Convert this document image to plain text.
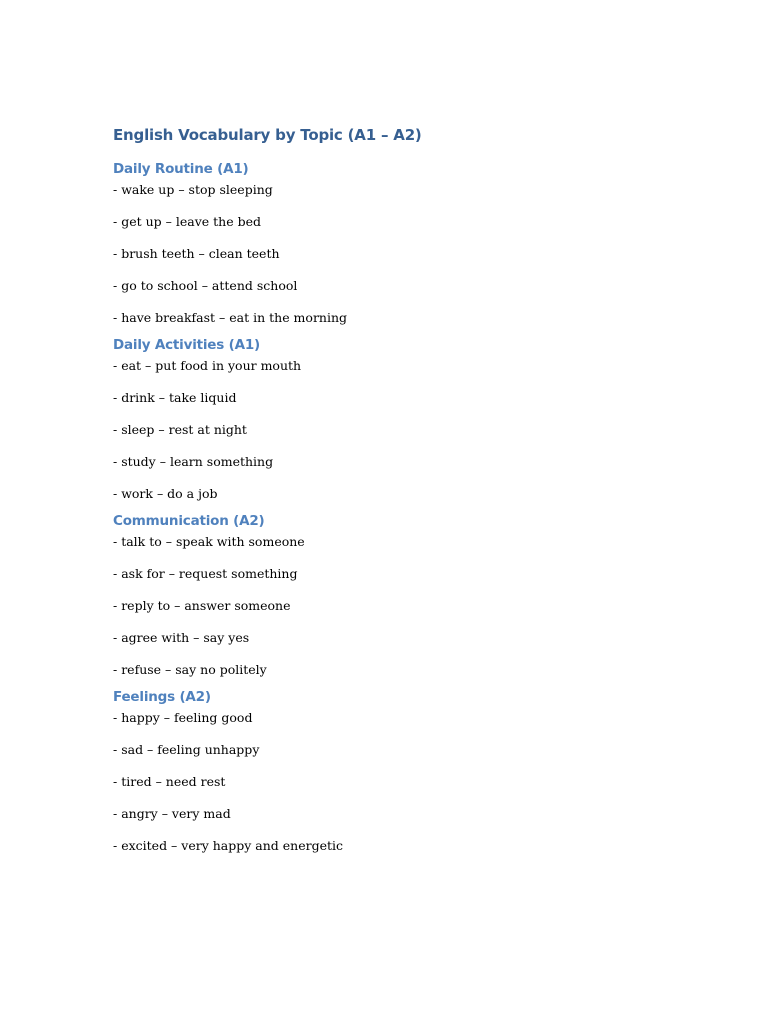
English Vocabulary by Topic (A1 – A2)
Daily Routine (A1)
- wake up – stop sleeping
- get up – leave the bed
- brush teeth – clean teeth
- go to school – attend school
- have breakfast – eat in the morning
Daily Activities (A1)
- eat – put food in your mouth
- drink – take liquid
- sleep – rest at night
- study – learn something
- work – do a job
Communication (A2)
- talk to – speak with someone
- ask for – request something
- reply to – answer someone
- agree with – say yes
- refuse – say no politely
Feelings (A2)
- happy – feeling good
- sad – feeling unhappy
- tired – need rest
- angry – very mad
- excited – very happy and energetic
